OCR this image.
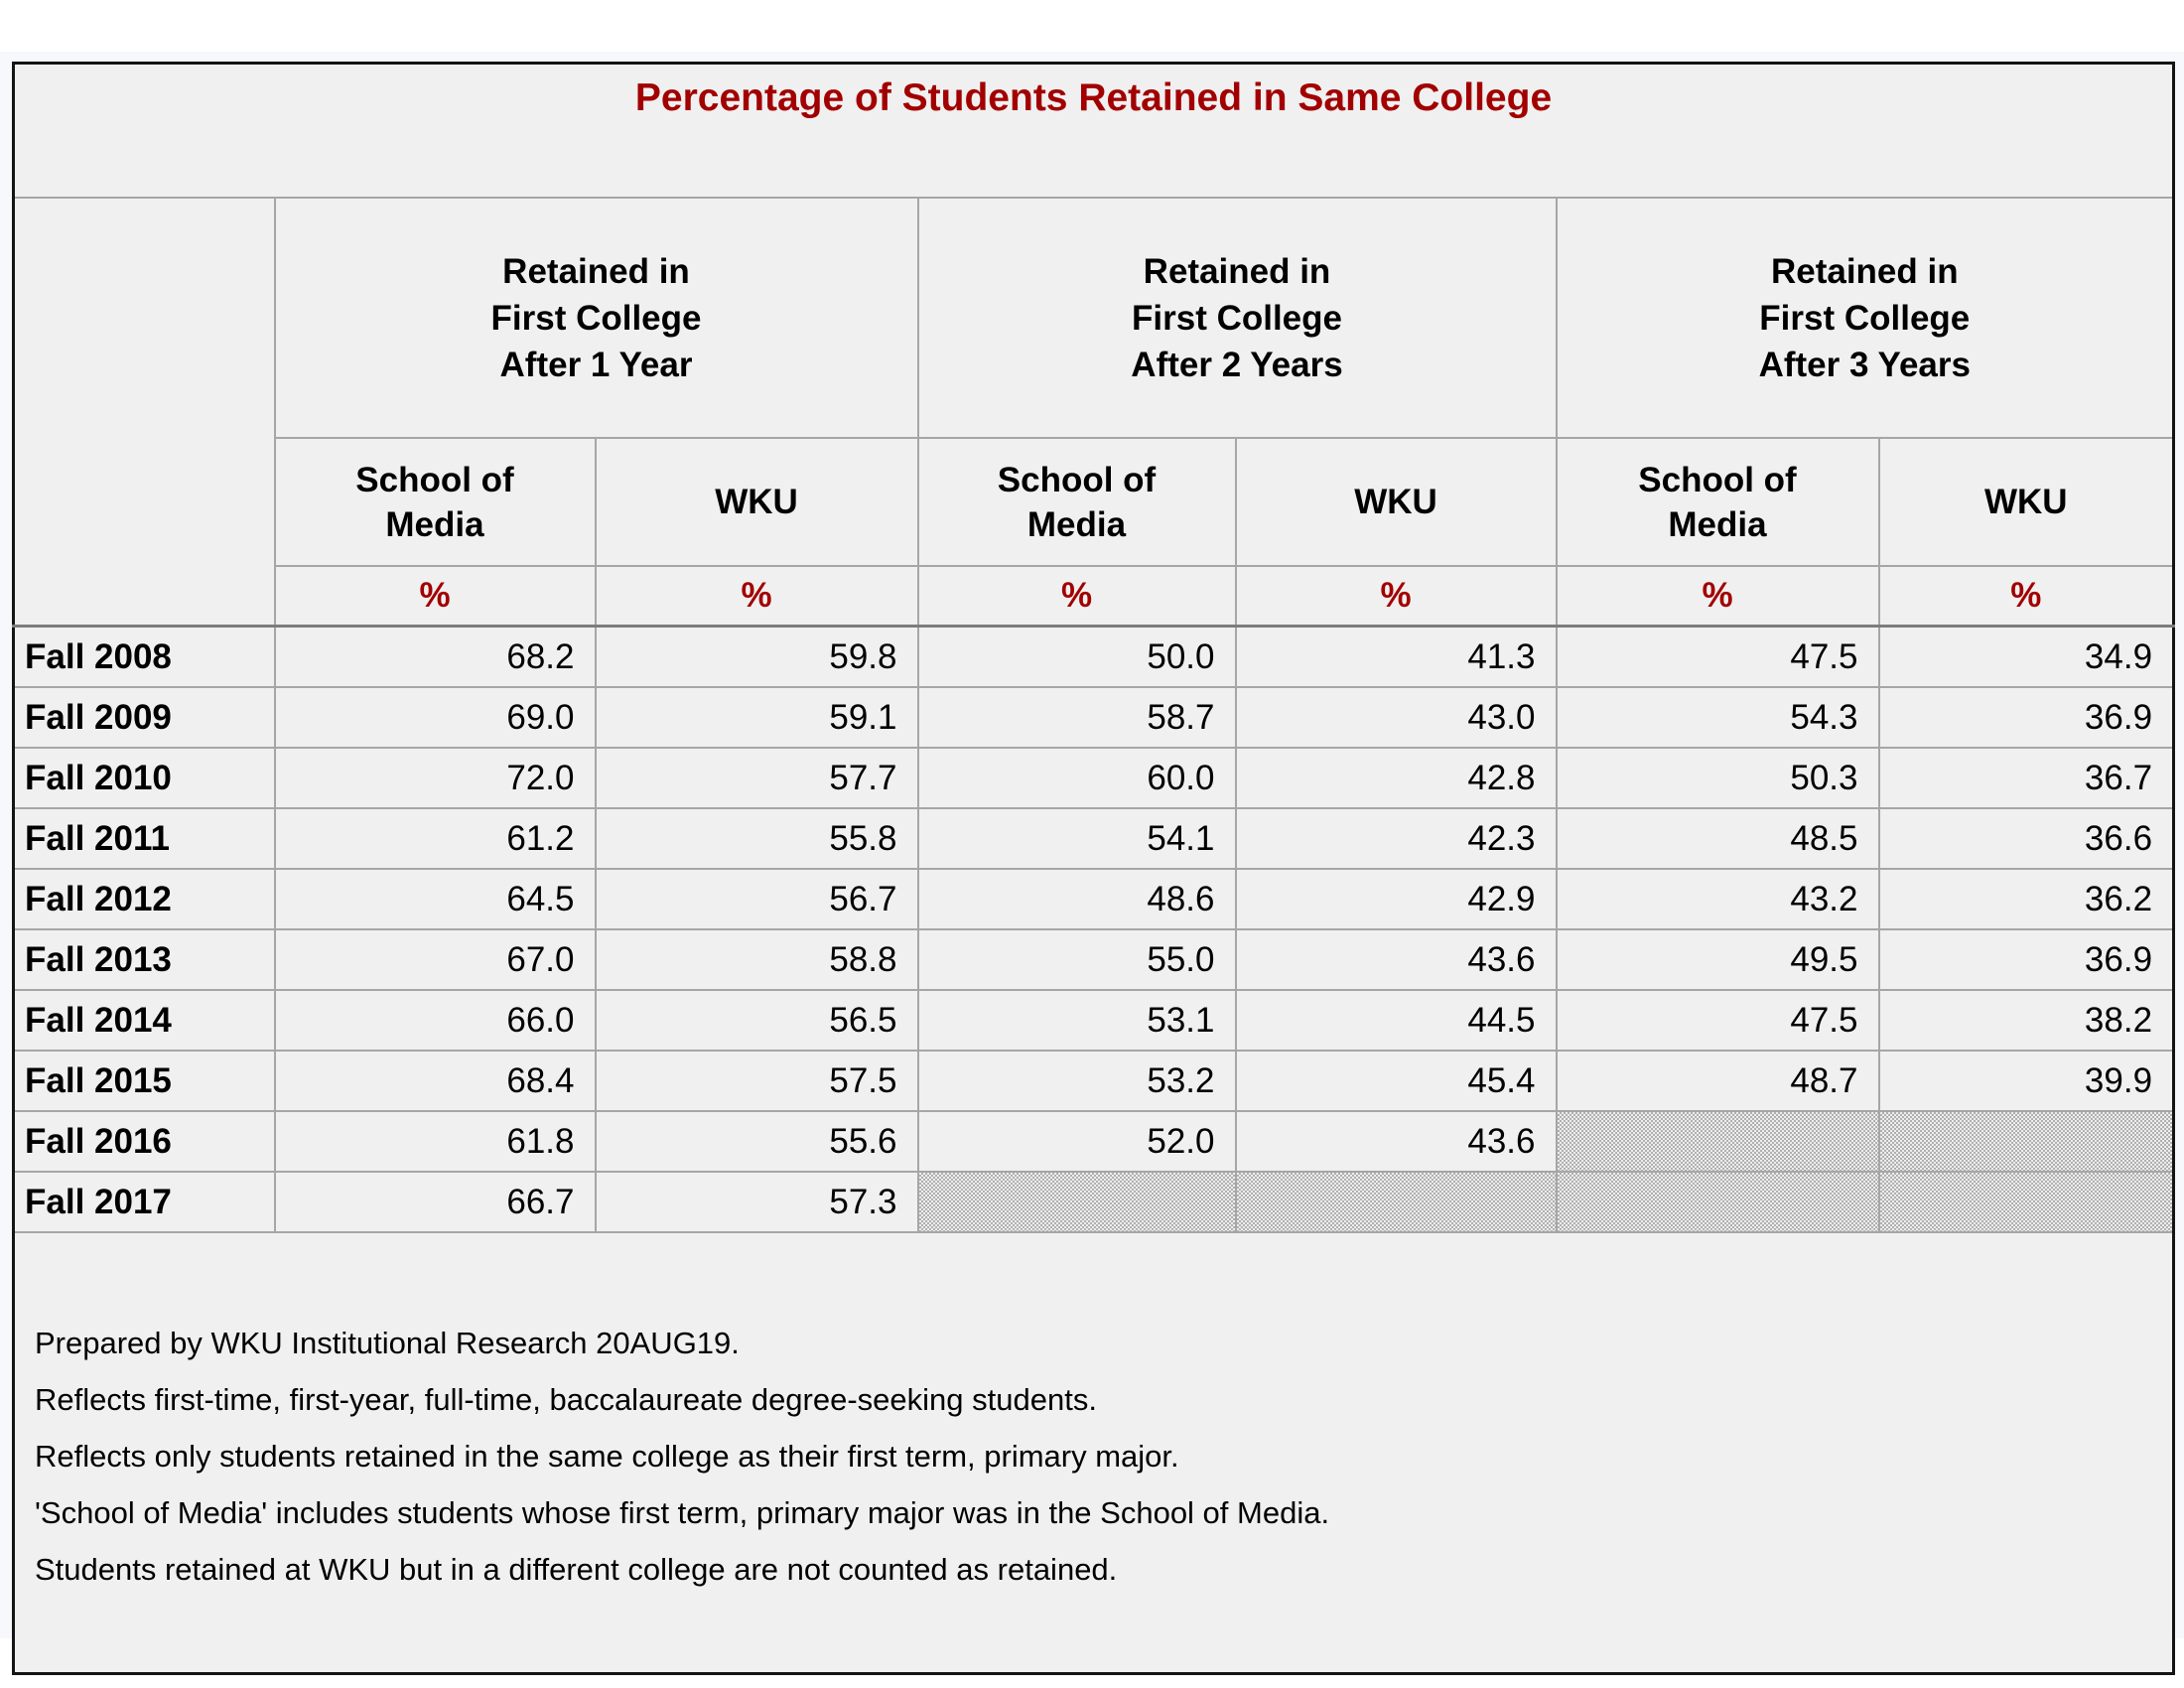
Percentage of Students Retained in Same College						

	Retained in
First College
After 1 Year		Retained in
First College
After 2 Years		Retained in
First College
After 3 Years	

	School of
Media	WKU	School of
Media	WKU	School of
Media	WKU
	%	%	%	%	%	%
Fall 2008	68.2	59.8	50.0	41.3	47.5	34.9
Fall 2009	69.0	59.1	58.7	43.0	54.3	36.9
Fall 2010	72.0	57.7	60.0	42.8	50.3	36.7
Fall 2011	61.2	55.8	54.1	42.3	48.5	36.6
Fall 2012	64.5	56.7	48.6	42.9	43.2	36.2
Fall 2013	67.0	58.8	55.0	43.6	49.5	36.9
Fall 2014	66.0	56.5	53.1	44.5	47.5	38.2
Fall 2015	68.4	57.5	53.2	45.4	48.7	39.9
Fall 2016	61.8	55.6	52.0	43.6		
Fall 2017	66.7	57.3				

Prepared by WKU Institutional Research 20AUG19.
Reflects first-time, first-year, full-time, baccalaureate degree-seeking students.
Reflects only students retained in the same college as their first term, primary major.
'School of Media' includes students whose first term, primary major was in the School of Media.
Students retained at WKU but in a different college are not counted as retained.						
